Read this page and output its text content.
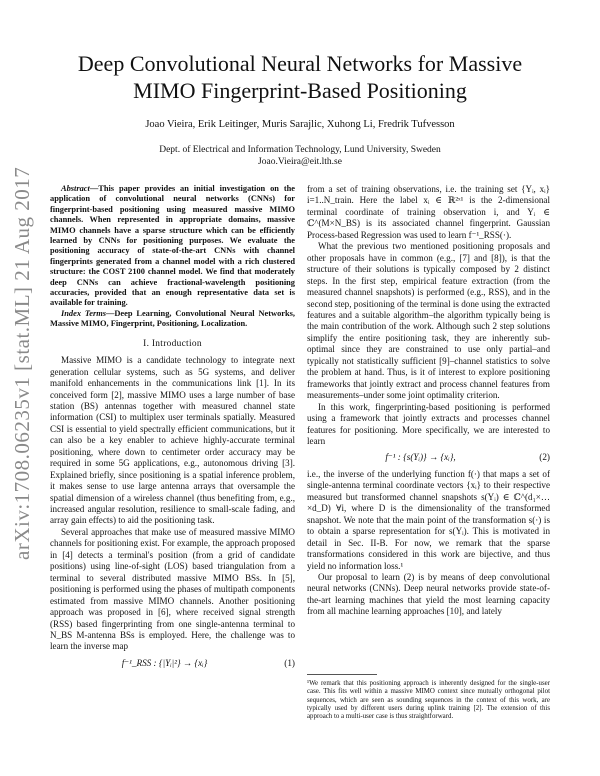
arXiv:1708.06235v1 [stat.ML] 21 Aug 2017
Deep Convolutional Neural Networks for Massive
MIMO Fingerprint-Based Positioning
Joao Vieira, Erik Leitinger, Muris Sarajlic, Xuhong Li, Fredrik Tufvesson
Dept. of Electrical and Information Technology, Lund University, Sweden
Joao.Vieira@eit.lth.se

Abstract—This paper provides an initial investigation on the application of convolutional neural networks (CNNs) for fingerprint-based positioning using measured massive MIMO channels. When represented in appropriate domains, massive MIMO channels have a sparse structure which can be efficiently learned by CNNs for positioning purposes. We evaluate the positioning accuracy of state-of-the-art CNNs with channel fingerprints generated from a channel model with a rich clustered structure: the COST 2100 channel model. We find that moderately deep CNNs can achieve fractional-wavelength positioning accuracies, provided that an enough representative data set is available for training.

Index Terms—Deep Learning, Convolutional Neural Networks, Massive MIMO, Fingerprint, Positioning, Localization.

I. Introduction

Massive MIMO is a candidate technology to integrate next generation cellular systems, such as 5G systems, and deliver manifold enhancements in the communications link [1]. In its conceived form [2], massive MIMO uses a large number of base station (BS) antennas together with measured channel state information (CSI) to multiplex user terminals spatially. Measured CSI is essential to yield spectrally efficient communications, but it can also be a key enabler to achieve highly-accurate terminal positioning, where down to centimeter order accuracy may be required in some 5G applications, e.g., autonomous driving [3]. Explained briefly, since positioning is a spatial inference problem, it makes sense to use large antenna arrays that oversample the spatial dimension of a wireless channel (thus benefiting from, e.g., increased angular resolution, resilience to small-scale fading, and array gain effects) to aid the positioning task.

Several approaches that make use of measured massive MIMO channels for positioning exist. For example, the approach proposed in [4] detects a terminal's position (from a grid of candidate positions) using line-of-sight (LOS) based triangulation from a terminal to several distributed massive MIMO BSs. In [5], positioning is performed using the phases of multipath components estimated from massive MIMO channels. Another positioning approach was proposed in [6], where received signal strength (RSS) based fingerprinting from one single-antenna terminal to N_BS M-antenna BSs is employed. Here, the challenge was to learn the inverse map

f⁻¹_RSS : {|Yᵢ|²} → {xᵢ}	(1)

from a set of training observations, i.e. the training set {Yᵢ, xᵢ} i=1..N_train. Here the label xᵢ ∈ ℝ²ˣ¹ is the 2-dimensional terminal coordinate of training observation i, and Yᵢ ∈ ℂ^(M×N_BS) is its associated channel fingerprint. Gaussian Process-based Regression was used to learn f⁻¹_RSS(·).

What the previous two mentioned positioning proposals and other proposals have in common (e.g., [7] and [8]), is that the structure of their solutions is typically composed by 2 distinct steps. In the first step, empirical feature extraction (from the measured channel snapshots) is performed (e.g., RSS), and in the second step, positioning of the terminal is done using the extracted features and a suitable algorithm–the algorithm typically being is the main contribution of the work. Although such 2 step solutions simplify the entire positioning task, they are inherently sub-optimal since they are constrained to use only partial–and typically not statistically sufficient [9]–channel statistics to solve the problem at hand. Thus, is it of interest to explore positioning frameworks that jointly extract and process channel features from measurements–under some joint optimality criterion.

In this work, fingerprinting-based positioning is performed using a framework that jointly extracts and processes channel features for positioning. More specifically, we are interested to learn

f⁻¹ : {s(Yᵢ)} → {xᵢ},	(2)

i.e., the inverse of the underlying function f(·) that maps a set of single-antenna terminal coordinate vectors {xᵢ} to their respective measured but transformed channel snapshots s(Yᵢ) ∈ ℂ^(d₁×…×d_D) ∀i, where D is the dimensionality of the transformed snapshot. We note that the main point of the transformation s(·) is to obtain a sparse representation for s(Yᵢ). This is motivated in detail in Sec. II-B. For now, we remark that the sparse transformations considered in this work are bijective, and thus yield no information loss.¹

Our proposal to learn (2) is by means of deep convolutional neural networks (CNNs). Deep neural networks provide state-of-the-art learning machines that yield the most learning capacity from all machine learning approaches [10], and lately

¹We remark that this positioning approach is inherently designed for the single-user case. This fits well within a massive MIMO context since mutually orthogonal pilot sequences, which are seen as sounding sequences in the context of this work, are typically used by different users during uplink training [2]. The extension of this approach to a multi-user case is thus straightforward.
